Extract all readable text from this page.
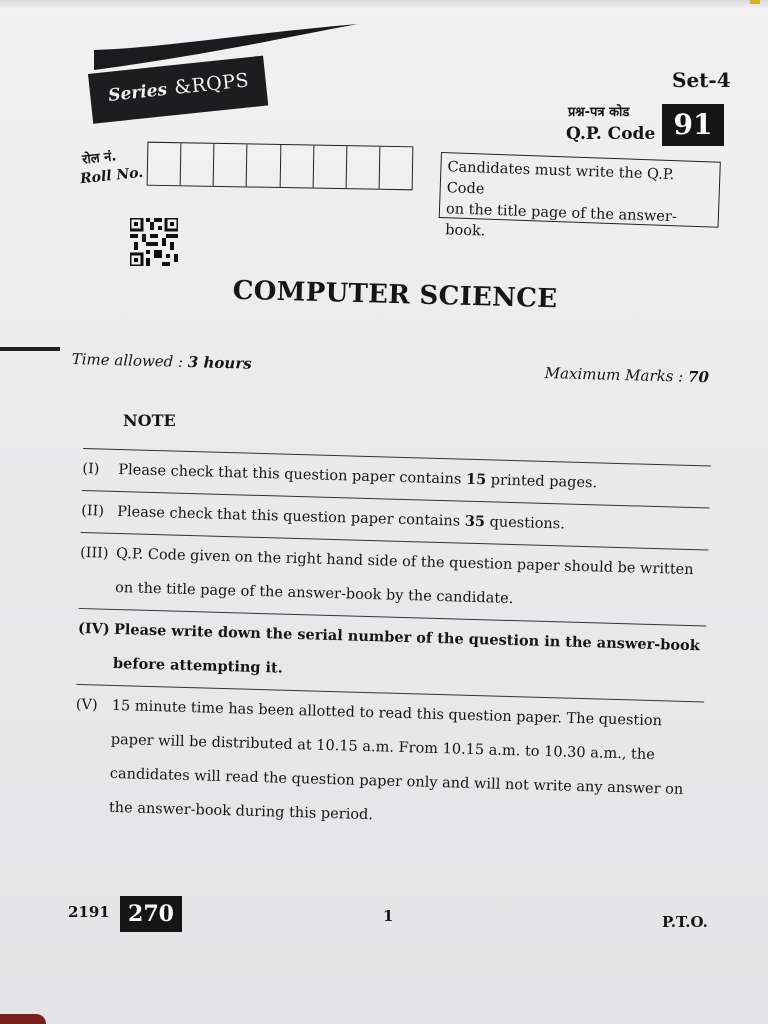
Series &RQPS	Set-4
प्रश्न-पत्र कोड
Q.P. Code 91
रोल नं.
Roll No.	Candidates must write the Q.P. Code
on the title page of the answer-book.
COMPUTER SCIENCE
Time allowed : 3 hours
Maximum Marks : 70
NOTE
(I)	Please check that this question paper contains 15 printed pages.
(II) Please check that this question paper contains 35 questions.
(III) Q.P. Code given on the right hand side of the question paper should be written on the title page of the answer-book by the candidate.
(IV) Please write down the serial number of the question in the answer-book before attempting it.
(V) 15 minute time has been allotted to read this question paper. The question paper will be distributed at 10.15 a.m. From 10.15 a.m. to 10.30 a.m., the candidates will read the question paper only and will not write any answer on the answer-book during this period.
2191 270	1	P.T.O.
